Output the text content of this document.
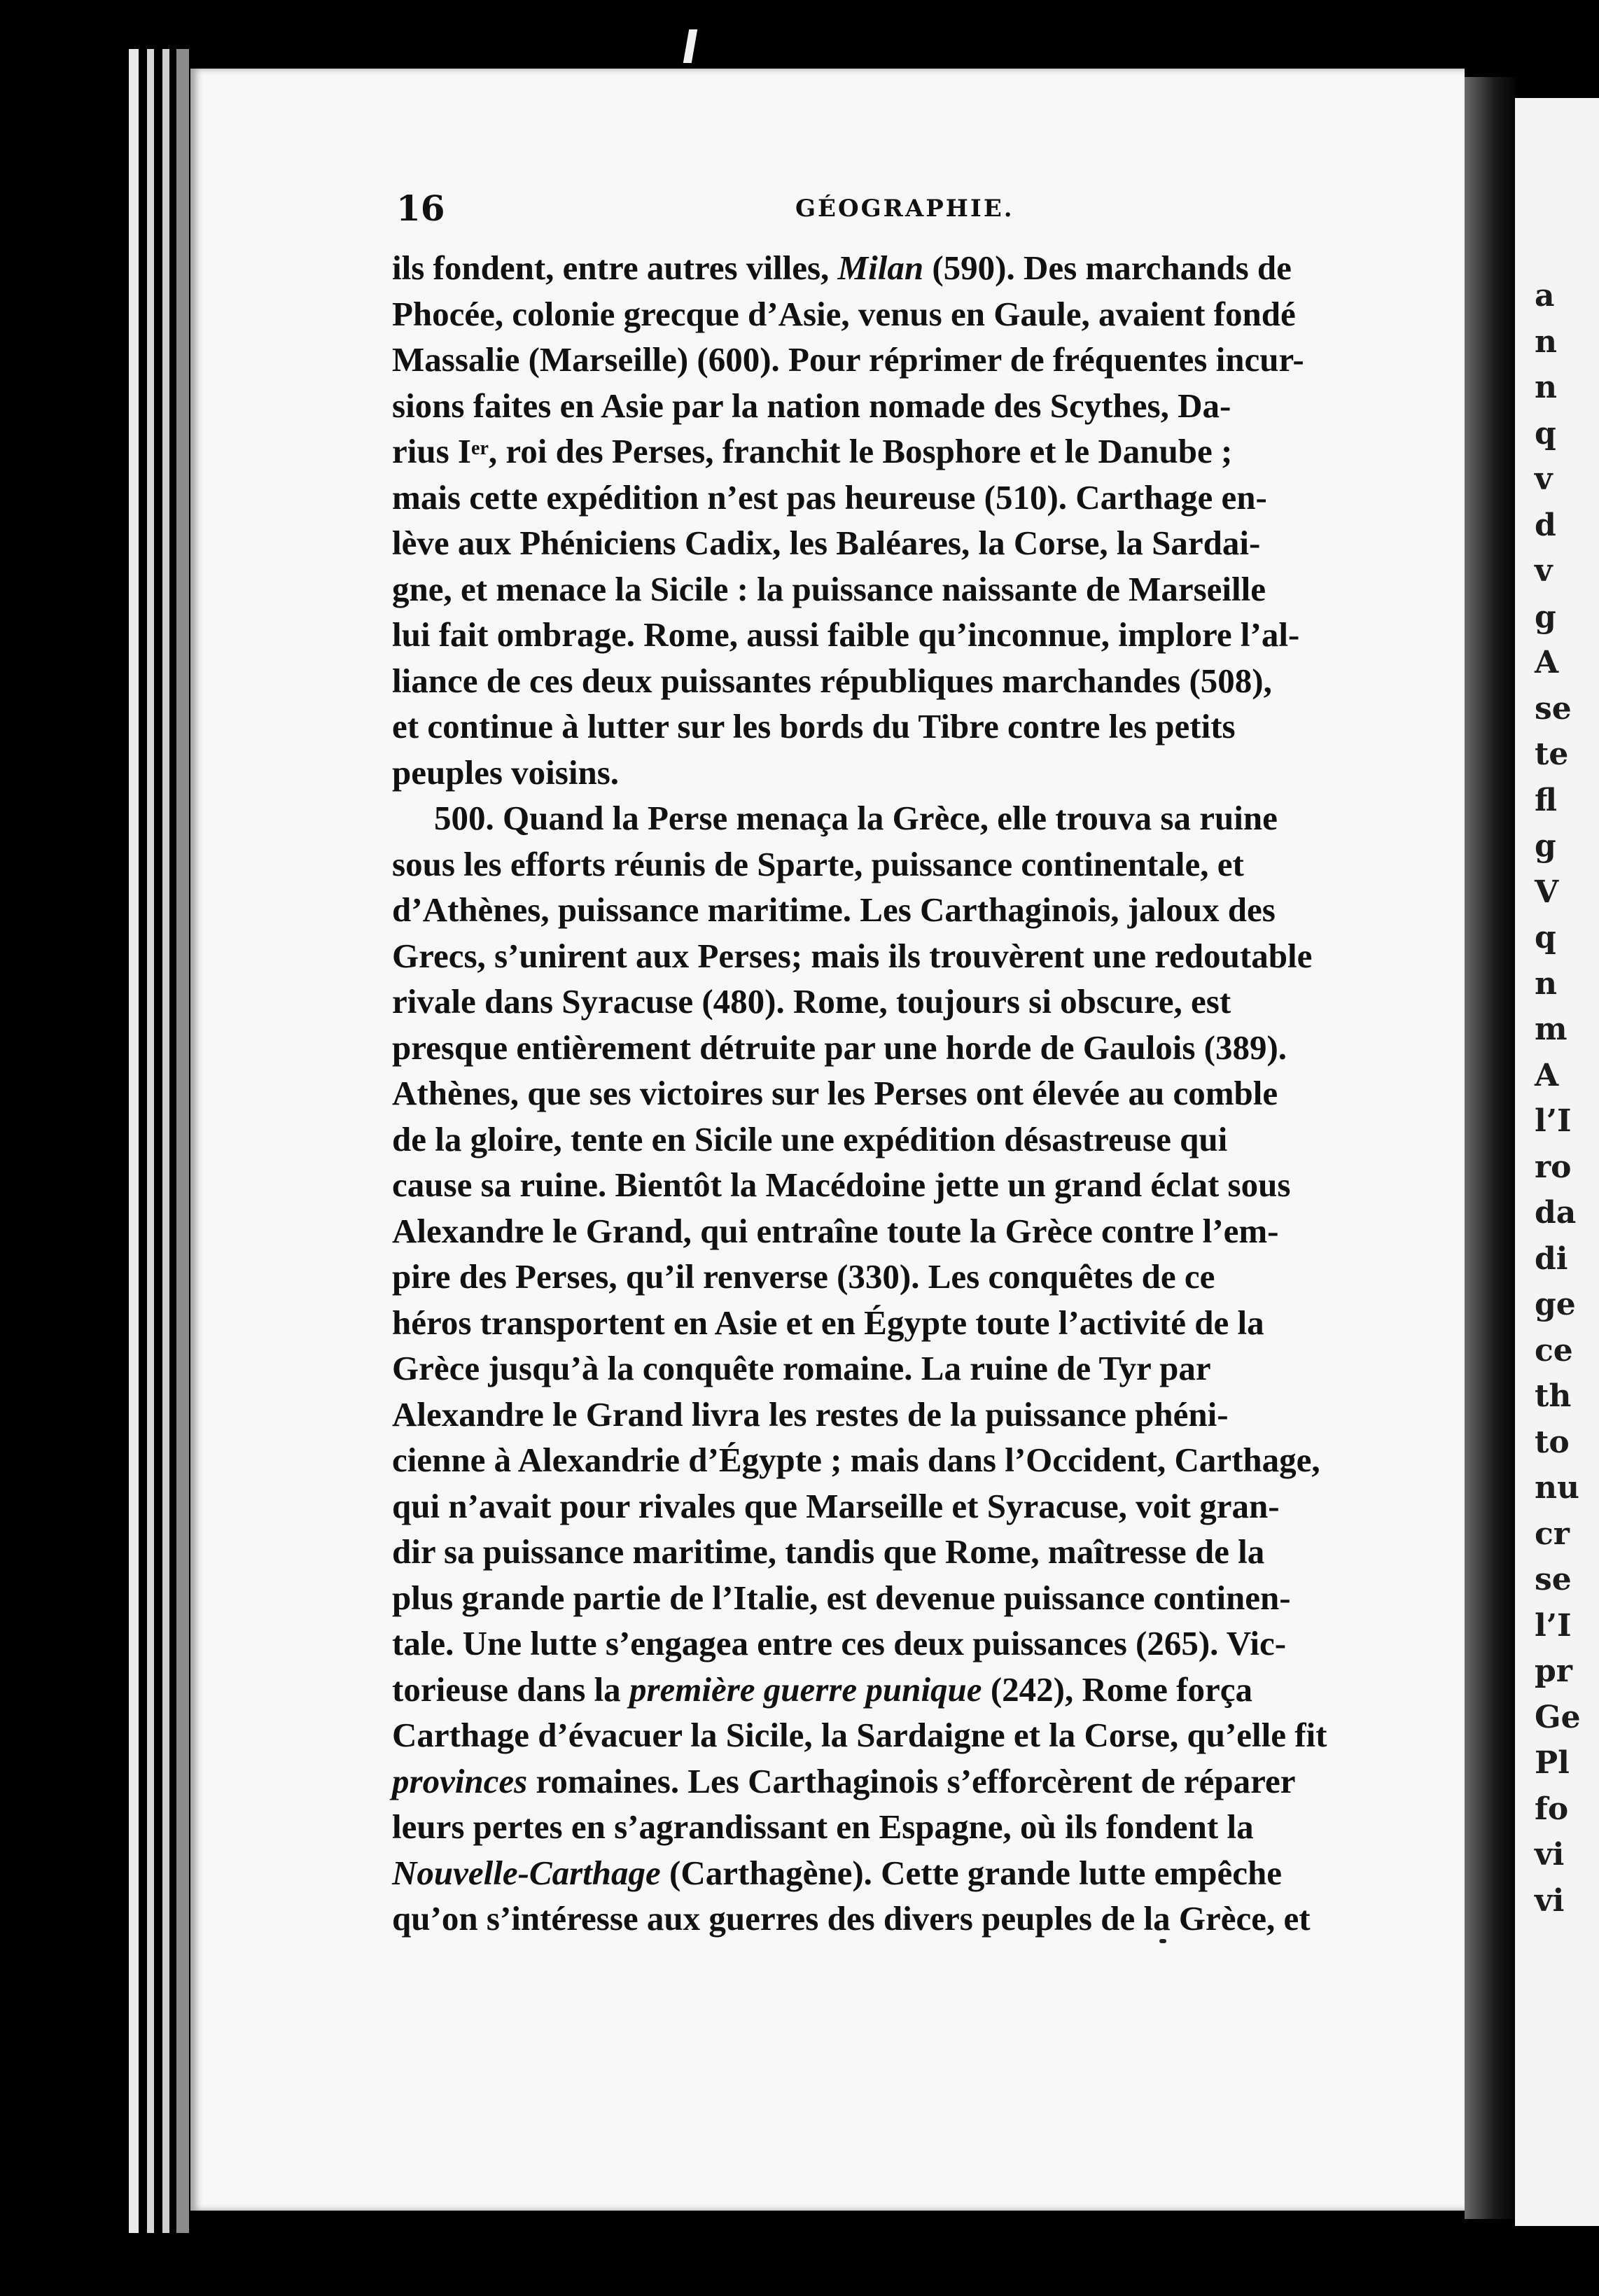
a
n
n
q
v
d
v
g
A
se
te
fl
g
V
q
n
m
A
l’I
ro
da
di
ge
ce
th
to
nu
cr
se
l’I
pr
Ge
Pl
fo
vi
vi
16	GÉOGRAPHIE.
ils fondent, entre autres villes, Milan (590). Des marchands de
Phocée, colonie grecque d’Asie, venus en Gaule, avaient fondé
Massalie (Marseille) (600). Pour réprimer de fréquentes incur-
sions faites en Asie par la nation nomade des Scythes, Da-
rius Ier, roi des Perses, franchit le Bosphore et le Danube ;
mais cette expédition n’est pas heureuse (510). Carthage en-
lève aux Phéniciens Cadix, les Baléares, la Corse, la Sardai-
gne, et menace la Sicile : la puissance naissante de Marseille
lui fait ombrage. Rome, aussi faible qu’inconnue, implore l’al-
liance de ces deux puissantes républiques marchandes (508),
et continue à lutter sur les bords du Tibre contre les petits
peuples voisins.
500. Quand la Perse menaça la Grèce, elle trouva sa ruine
sous les efforts réunis de Sparte, puissance continentale, et
d’Athènes, puissance maritime. Les Carthaginois, jaloux des
Grecs, s’unirent aux Perses; mais ils trouvèrent une redoutable
rivale dans Syracuse (480). Rome, toujours si obscure, est
presque entièrement détruite par une horde de Gaulois (389).
Athènes, que ses victoires sur les Perses ont élevée au comble
de la gloire, tente en Sicile une expédition désastreuse qui
cause sa ruine. Bientôt la Macédoine jette un grand éclat sous
Alexandre le Grand, qui entraîne toute la Grèce contre l’em-
pire des Perses, qu’il renverse (330). Les conquêtes de ce
héros transportent en Asie et en Égypte toute l’activité de la
Grèce jusqu’à la conquête romaine. La ruine de Tyr par
Alexandre le Grand livra les restes de la puissance phéni-
cienne à Alexandrie d’Égypte ; mais dans l’Occident, Carthage,
qui n’avait pour rivales que Marseille et Syracuse, voit gran-
dir sa puissance maritime, tandis que Rome, maîtresse de la
plus grande partie de l’Italie, est devenue puissance continen-
tale. Une lutte s’engagea entre ces deux puissances (265). Vic-
torieuse dans la première guerre punique (242), Rome força
Carthage d’évacuer la Sicile, la Sardaigne et la Corse, qu’elle fit
provinces romaines. Les Carthaginois s’efforcèrent de réparer
leurs pertes en s’agrandissant en Espagne, où ils fondent la
Nouvelle-Carthage (Carthagène). Cette grande lutte empêche
qu’on s’intéresse aux guerres des divers peuples de la Grèce, et
